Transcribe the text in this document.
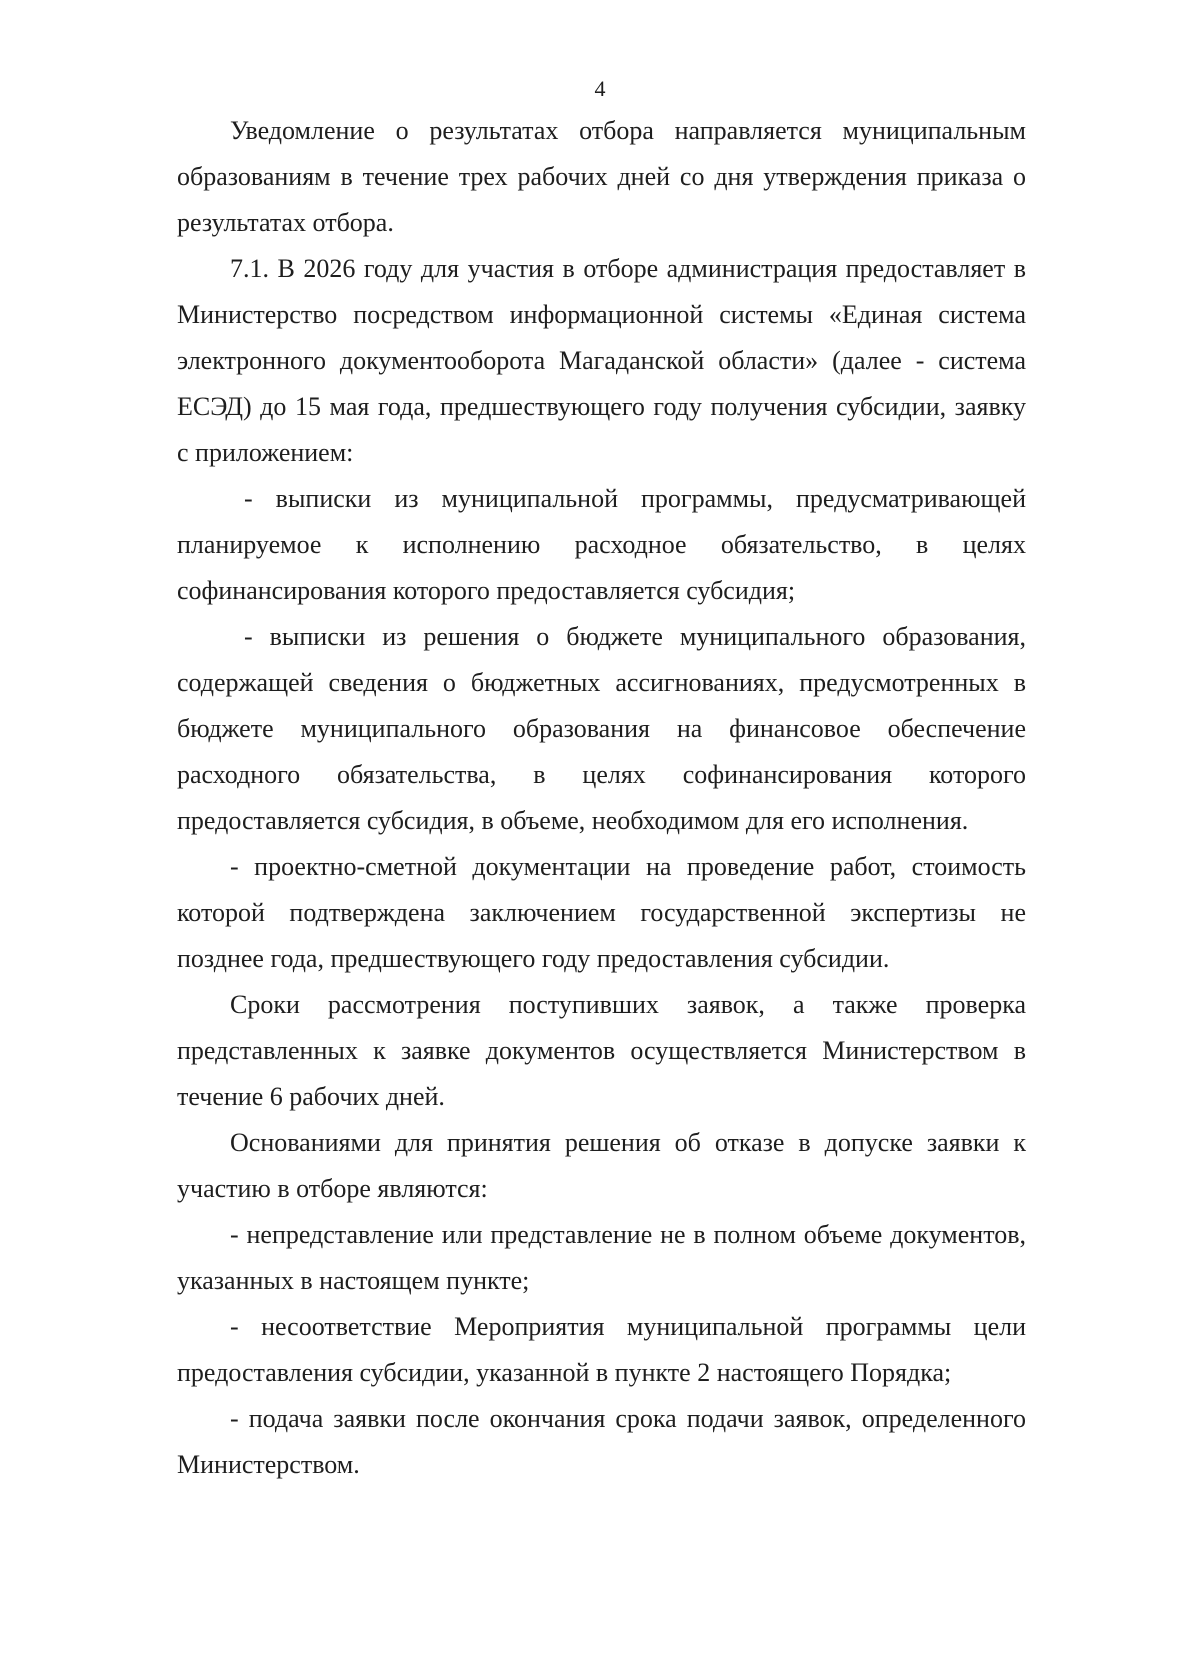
4
Уведомление о результатах отбора направляется муниципальным
образованиям в течение трех рабочих дней со дня утверждения приказа о
результатах отбора.
7.1. В 2026 году для участия в отборе администрация предоставляет в
Министерство посредством информационной системы «Единая система
электронного документооборота Магаданской области» (далее - система
ЕСЭД) до 15 мая года, предшествующего году получения субсидии, заявку
с приложением:
- выписки из муниципальной программы, предусматривающей
планируемое к исполнению расходное обязательство, в целях
софинансирования которого предоставляется субсидия;
- выписки из решения о бюджете муниципального образования,
содержащей сведения о бюджетных ассигнованиях, предусмотренных в
бюджете муниципального образования на финансовое обеспечение
расходного обязательства, в целях софинансирования которого
предоставляется субсидия, в объеме, необходимом для его исполнения.
- проектно-сметной документации на проведение работ, стоимость
которой подтверждена заключением государственной экспертизы не
позднее года, предшествующего году предоставления субсидии.
Сроки рассмотрения поступивших заявок, а также проверка
представленных к заявке документов осуществляется Министерством в
течение 6 рабочих дней.
Основаниями для принятия решения об отказе в допуске заявки к
участию в отборе являются:
- непредставление или представление не в полном объеме документов,
указанных в настоящем пункте;
- несоответствие Мероприятия муниципальной программы цели
предоставления субсидии, указанной в пункте 2 настоящего Порядка;
- подача заявки после окончания срока подачи заявок, определенного
Министерством.
